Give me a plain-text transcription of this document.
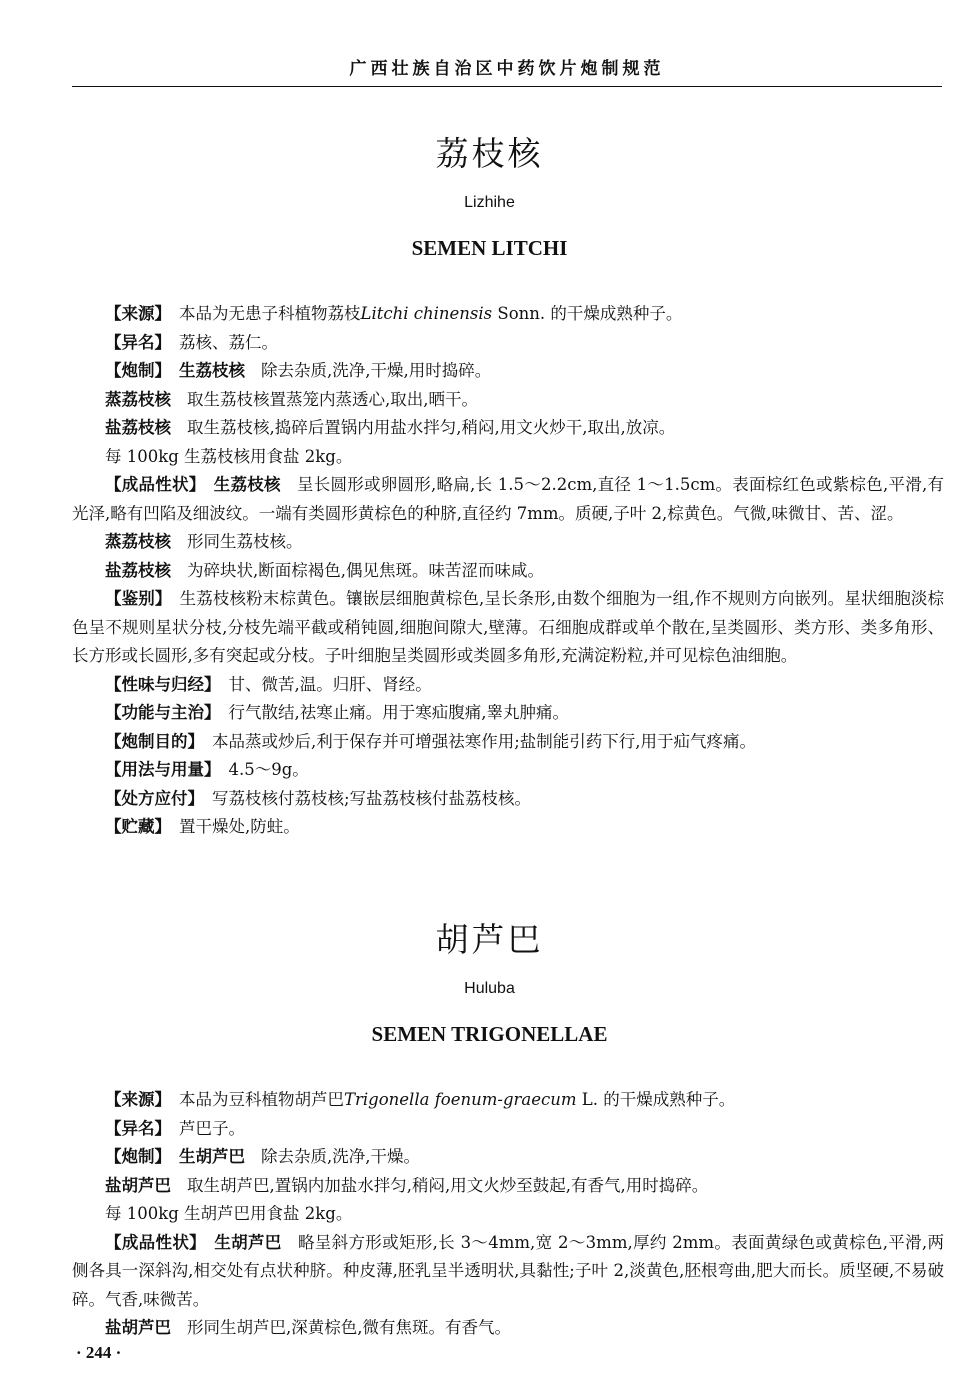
广西壮族自治区中药饮片炮制规范
荔枝核
Lizhihe
SEMEN LITCHI

【来源】 本品为无患子科植物荔枝Litchi chinensis Sonn. 的干燥成熟种子。

【异名】 荔核、荔仁。

【炮制】 生荔枝核 除去杂质,洗净,干燥,用时捣碎。

蒸荔枝核 取生荔枝核置蒸笼内蒸透心,取出,晒干。

盐荔枝核 取生荔枝核,捣碎后置锅内用盐水拌匀,稍闷,用文火炒干,取出,放凉。

每 100kg 生荔枝核用食盐 2kg。

【成品性状】 生荔枝核 呈长圆形或卵圆形,略扁,长 1.5～2.2cm,直径 1～1.5cm。表面棕红色或紫棕色,平滑,有光泽,略有凹陷及细波纹。一端有类圆形黄棕色的种脐,直径约 7mm。质硬,子叶 2,棕黄色。气微,味微甘、苦、涩。

蒸荔枝核 形同生荔枝核。

盐荔枝核 为碎块状,断面棕褐色,偶见焦斑。味苦涩而味咸。

【鉴别】 生荔枝核粉末棕黄色。镶嵌层细胞黄棕色,呈长条形,由数个细胞为一组,作不规则方向嵌列。星状细胞淡棕色呈不规则星状分枝,分枝先端平截或稍钝圆,细胞间隙大,壁薄。石细胞成群或单个散在,呈类圆形、类方形、类多角形、长方形或长圆形,多有突起或分枝。子叶细胞呈类圆形或类圆多角形,充满淀粉粒,并可见棕色油细胞。

【性味与归经】 甘、微苦,温。归肝、肾经。

【功能与主治】 行气散结,祛寒止痛。用于寒疝腹痛,睾丸肿痛。

【炮制目的】 本品蒸或炒后,利于保存并可增强祛寒作用;盐制能引药下行,用于疝气疼痛。

【用法与用量】 4.5～9g。

【处方应付】 写荔枝核付荔枝核;写盐荔枝核付盐荔枝核。

【贮藏】 置干燥处,防蛀。

胡芦巴
Huluba
SEMEN TRIGONELLAE

【来源】 本品为豆科植物胡芦巴Trigonella foenum-graecum L. 的干燥成熟种子。

【异名】 芦巴子。

【炮制】 生胡芦巴 除去杂质,洗净,干燥。

盐胡芦巴 取生胡芦巴,置锅内加盐水拌匀,稍闷,用文火炒至鼓起,有香气,用时捣碎。

每 100kg 生胡芦巴用食盐 2kg。

【成品性状】 生胡芦巴 略呈斜方形或矩形,长 3～4mm,宽 2～3mm,厚约 2mm。表面黄绿色或黄棕色,平滑,两侧各具一深斜沟,相交处有点状种脐。种皮薄,胚乳呈半透明状,具黏性;子叶 2,淡黄色,胚根弯曲,肥大而长。质坚硬,不易破碎。气香,味微苦。

盐胡芦巴 形同生胡芦巴,深黄棕色,微有焦斑。有香气。

· 244 ·
